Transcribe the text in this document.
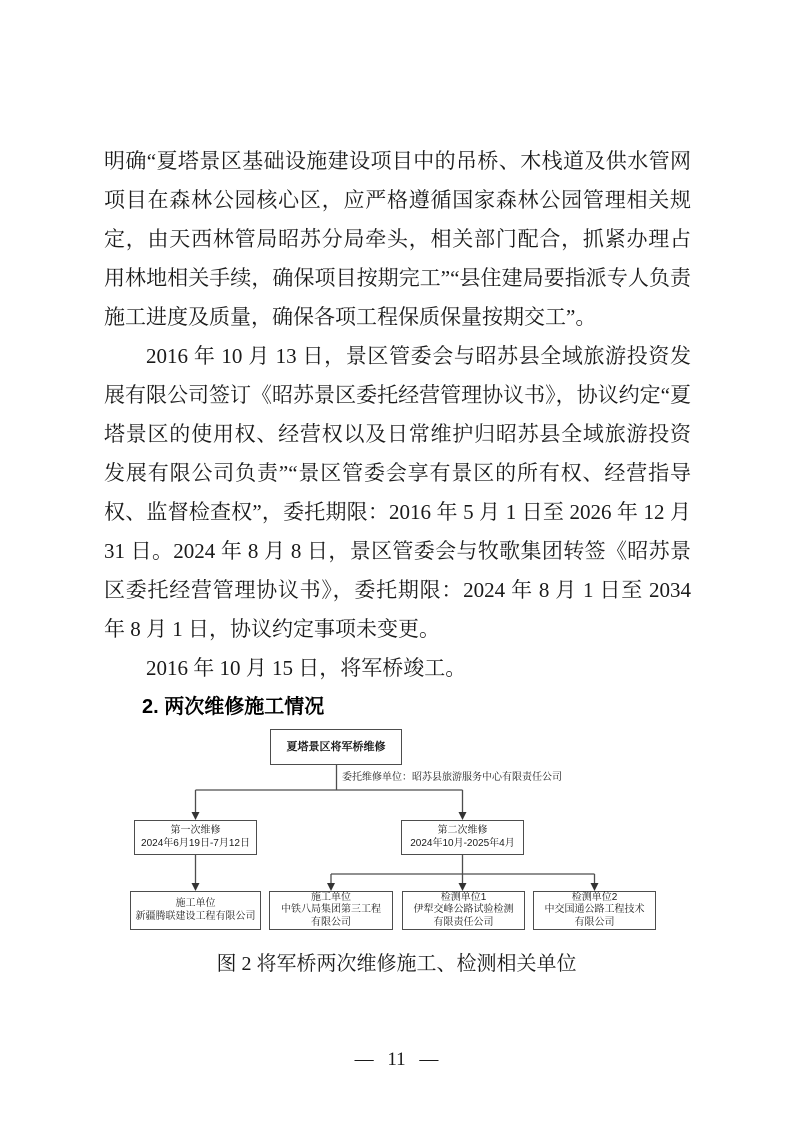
明确“夏塔景区基础设施建设项目中的吊桥、木栈道及供水管网项目在森林公园核心区，应严格遵循国家森林公园管理相关规定，由天西林管局昭苏分局牵头，相关部门配合，抓紧办理占用林地相关手续，确保项目按期完工”“县住建局要指派专人负责施工进度及质量，确保各项工程保质保量按期交工”。

2016 年 10 月 13 日，景区管委会与昭苏县全域旅游投资发展有限公司签订《昭苏景区委托经营管理协议书》，协议约定“夏塔景区的使用权、经营权以及日常维护归昭苏县全域旅游投资发展有限公司负责”“景区管委会享有景区的所有权、经营指导权、监督检查权”，委托期限：2016 年 5 月 1 日至 2026 年 12 月 31 日。2024 年 8 月 8 日，景区管委会与牧歌集团转签《昭苏景区委托经营管理协议书》，委托期限：2024 年 8 月 1 日至 2034 年 8 月 1 日，协议约定事项未变更。

2016 年 10 月 15 日，将军桥竣工。

2. 两次维修施工情况
夏塔景区将军桥维修
委托维修单位：昭苏县旅游服务中心有限责任公司
第一次维修
2024年6月19日-7月12日
第二次维修
2024年10月-2025年4月
施工单位
新疆腾联建设工程有限公司
施工单位
中铁八局集团第三工程
有限公司
检测单位1
伊犁交峰公路试验检测
有限责任公司
检测单位2
中交国通公路工程技术
有限公司
图 2 将军桥两次维修施工、检测相关单位
— 11 —
